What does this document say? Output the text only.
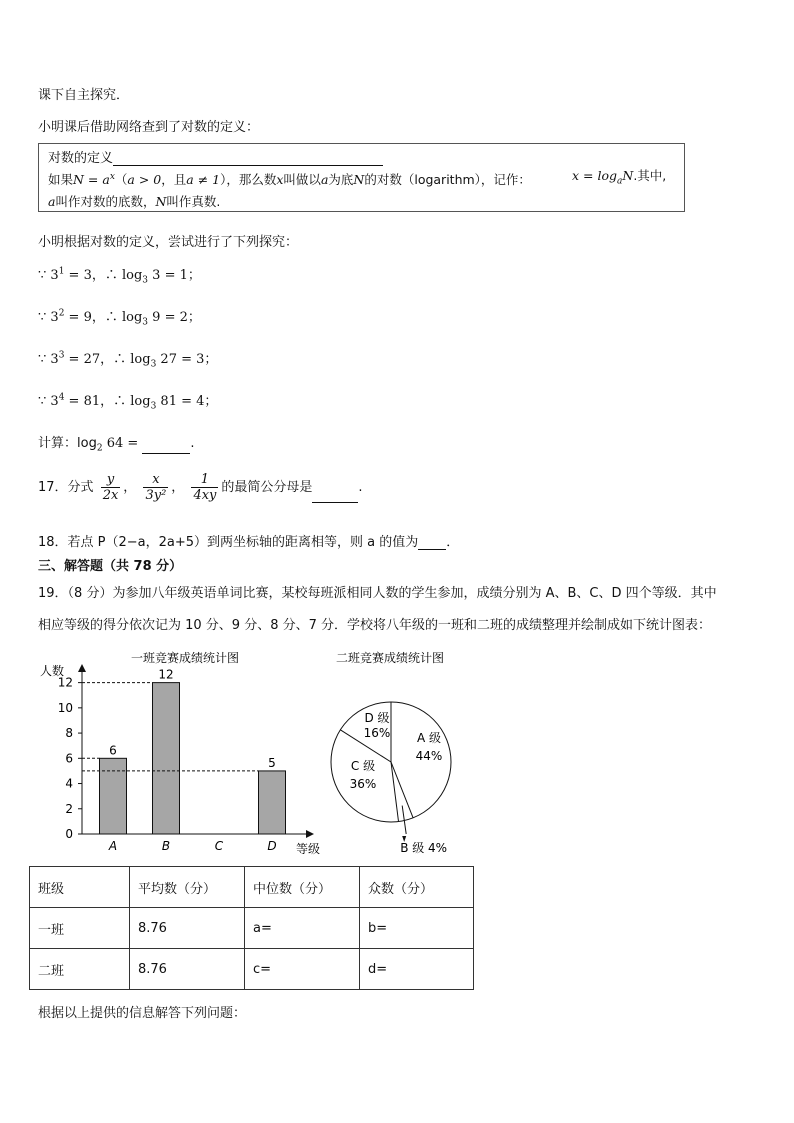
课下自主探究．
小明课后借助网络查到了对数的定义：
对数的定义
如果$N = a^x(a > 0$，且a ≠ 1），那么数x叫做以a为底N的对数（logarithm），记作：	$x = \log_aN$.其中,
a叫作对数的底数，N叫作真数.
小明根据对数的定义，尝试进行了下列探究：
∵ $3^1 = 3$，∴ $\log_3 3 = 1$；
∵ $3^2 = 9$，∴ $\log_3 9 = 2$；
∵ $3^3 = 27$，∴ $\log_3 27 = 3$；
∵ $3^4 = 81$，∴ $\log_3 81 = 4$；
计算：$\log_2 64$ =	.
17．分式 $\frac{y}{2x}$ ， $\frac{x}{\text{3y²}}$ ， $\frac{1}{4xy}$ 的最简公分母是	.
18．若点 P（2−a，2a+5）到两坐标轴的距离相等，则 a 的值为 ．
三、解答题（共 78 分）
19．（8 分）为参加八年级英语单词比赛，某校每班派相同人数的学生参加，成绩分别为 A、B、C、D 四个等级．其中
相应等级的得分依次记为 10 分、9 分、8 分、7 分．学校将八年级的一班和二班的成绩整理并绘制成如下统计图表：
一班竞赛成绩统计图
人数
等级
0
2
4
6
8
10
12
A
6
B
12
C	D
5
二班竞赛成绩统计图
A 级
44%
B 级 4%
C 级
36%
D 级
16%
班级	平均数（分）	中位数（分）	众数（分）
一班	8.76	a=	b=
二班	8.76	c=	d=
根据以上提供的信息解答下列问题：
